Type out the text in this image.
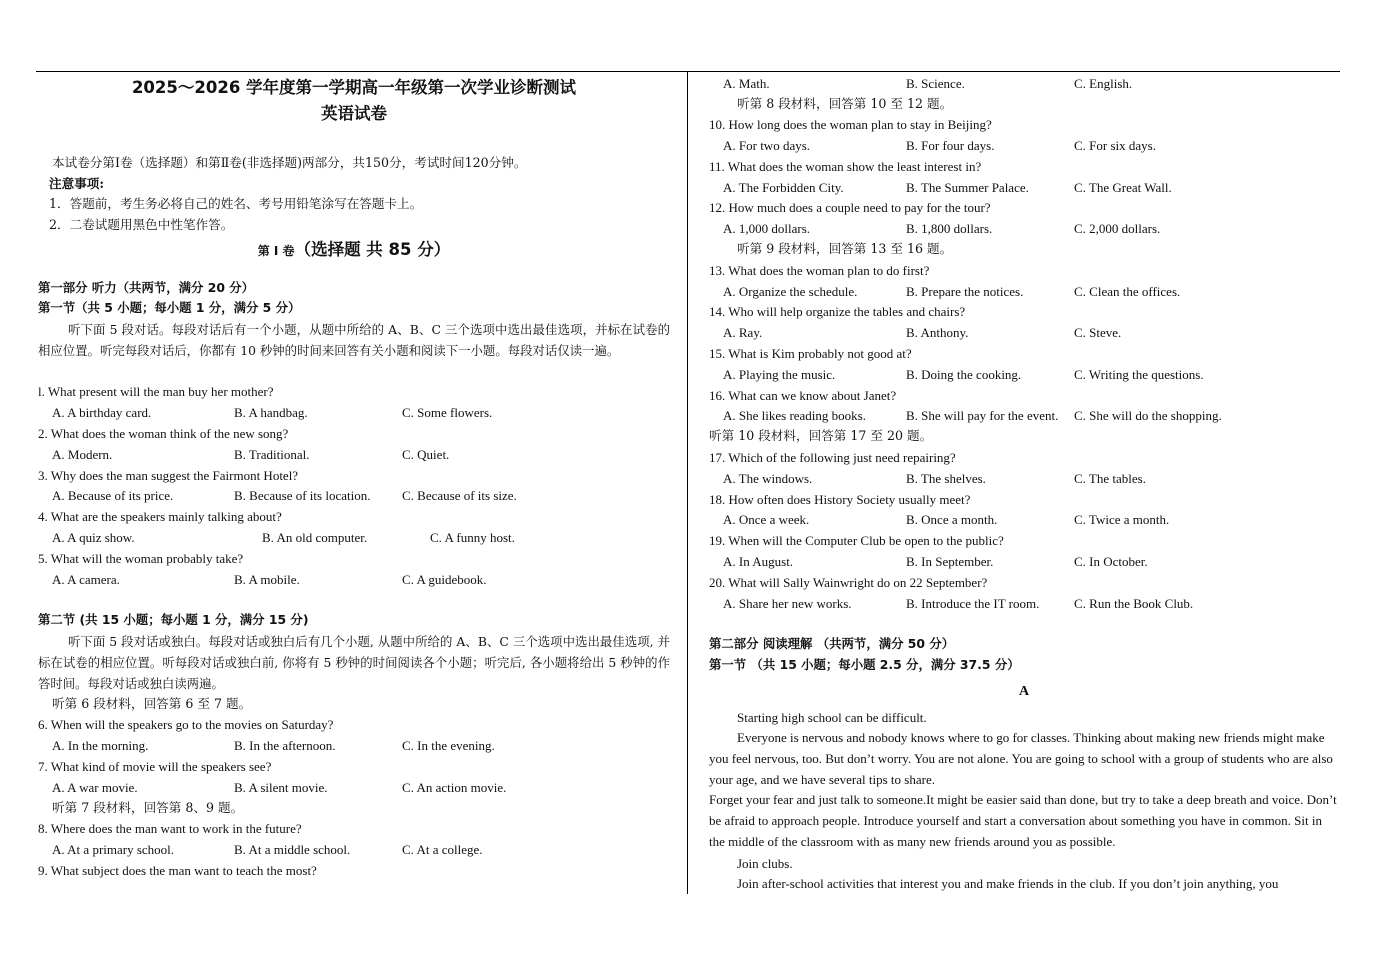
2025～2026 学年度第一学期高一年级第一次学业诊断测试
英语试卷
本试卷分第Ⅰ卷（选择题）和第Ⅱ卷(非选择题)两部分，共150分，考试时间120分钟。
注意事项:
1．答题前，考生务必将自己的姓名、考号用铅笔涂写在答题卡上。
2．二卷试题用黑色中性笔作答。
第 I 卷（选择题 共 85 分）
第一部分 听力（共两节，满分 20 分）
第一节（共 5 小题；每小题 1 分，满分 5 分）
听下面 5 段对话。每段对话后有一个小题，从题中所给的 A、B、C 三个选项中选出最佳选项，并标在试卷的相应位置。听完每段对话后，你都有 10 秒钟的时间来回答有关小题和阅读下一小题。每段对话仅读一遍。
l. What present will the man buy her mother?
A. A birthday card.	B. A handbag.	C. Some flowers.
2. What does the woman think of the new song?
A. Modern.	B. Traditional.	C. Quiet.
3. Why does the man suggest the Fairmont Hotel?
A. Because of its price.	B. Because of its location. C. Because of its size.
4. What are the speakers mainly talking about?
A. A quiz show.	B. An old computer.	C. A funny host.
5. What will the woman probably take?
A. A camera.	B. A mobile.	C. A guidebook.
第二节 (共 15 小题；每小题 1 分，满分 15 分)
听下面 5 段对话或独白。每段对话或独白后有几个小题, 从题中所给的 A、B、C 三个选项中选出最佳选项, 并标在试卷的相应位置。听每段对话或独白前, 你将有 5 秒钟的时间阅读各个小题；听完后, 各小题将给出 5 秒钟的作答时间。每段对话或独白读两遍。
听第 6 段材料，回答第 6 至 7 题。
6. When will the speakers go to the movies on Saturday?
A. In the morning.	B. In the afternoon.	C. In the evening.
7. What kind of movie will the speakers see?
A. A war movie.	B. A silent movie.	C. An action movie.
听第 7 段材料，回答第 8、9 题。
8. Where does the man want to work in the future?
A. At a primary school.	B. At a middle school.	C. At a college.
9. What subject does the man want to teach the most?
A. Math.	B. Science.	C. English.
听第 8 段材料，回答第 10 至 12 题。
10. How long does the woman plan to stay in Beijing?
A. For two days.	B. For four days.	C. For six days.
11. What does the woman show the least interest in?
A. The Forbidden City.	B. The Summer Palace.	C. The Great Wall.
12. How much does a couple need to pay for the tour?
A. 1,000 dollars.	B. 1,800 dollars.	C. 2,000 dollars.
听第 9 段材料，回答第 13 至 16 题。
13. What does the woman plan to do first?
A. Organize the schedule.	B. Prepare the notices.	C. Clean the offices.
14. Who will help organize the tables and chairs?
A. Ray.	B. Anthony.	C. Steve.
15. What is Kim probably not good at?
A. Playing the music.	B. Doing the cooking.	C. Writing the questions.
16. What can we know about Janet?
A. She likes reading books.	B. She will pay for the event. C. She will do the shopping.
听第 10 段材料，回答第 17 至 20 题。
17. Which of the following just need repairing?
A. The windows.	B. The shelves.	C. The tables.
18. How often does History Society usually meet?
A. Once a week.	B. Once a month.	C. Twice a month.
19. When will the Computer Club be open to the public?
A. In August.	B. In September.	C. In October.
20. What will Sally Wainwright do on 22 September?
A. Share her new works.	B. Introduce the IT room.	C. Run the Book Club.
第二部分 阅读理解 （共两节，满分 50 分）
第一节 （共 15 小题；每小题 2.5 分，满分 37.5 分）
A
Starting high school can be difficult.
Everyone is nervous and nobody knows where to go for classes. Thinking about making new friends might make you feel nervous, too. But don’t worry. You are not alone. You are going to school with a group of students who are also your age, and we have several tips to share.
Forget your fear and just talk to someone.It might be easier said than done, but try to take a deep breath and voice. Don’t be afraid to approach people. Introduce yourself and start a conversation about something you have in common. Sit in the middle of the classroom with as many new friends around you as possible.
Join clubs.
Join after-school activities that interest you and make friends in the club. If you don’t join anything, you
